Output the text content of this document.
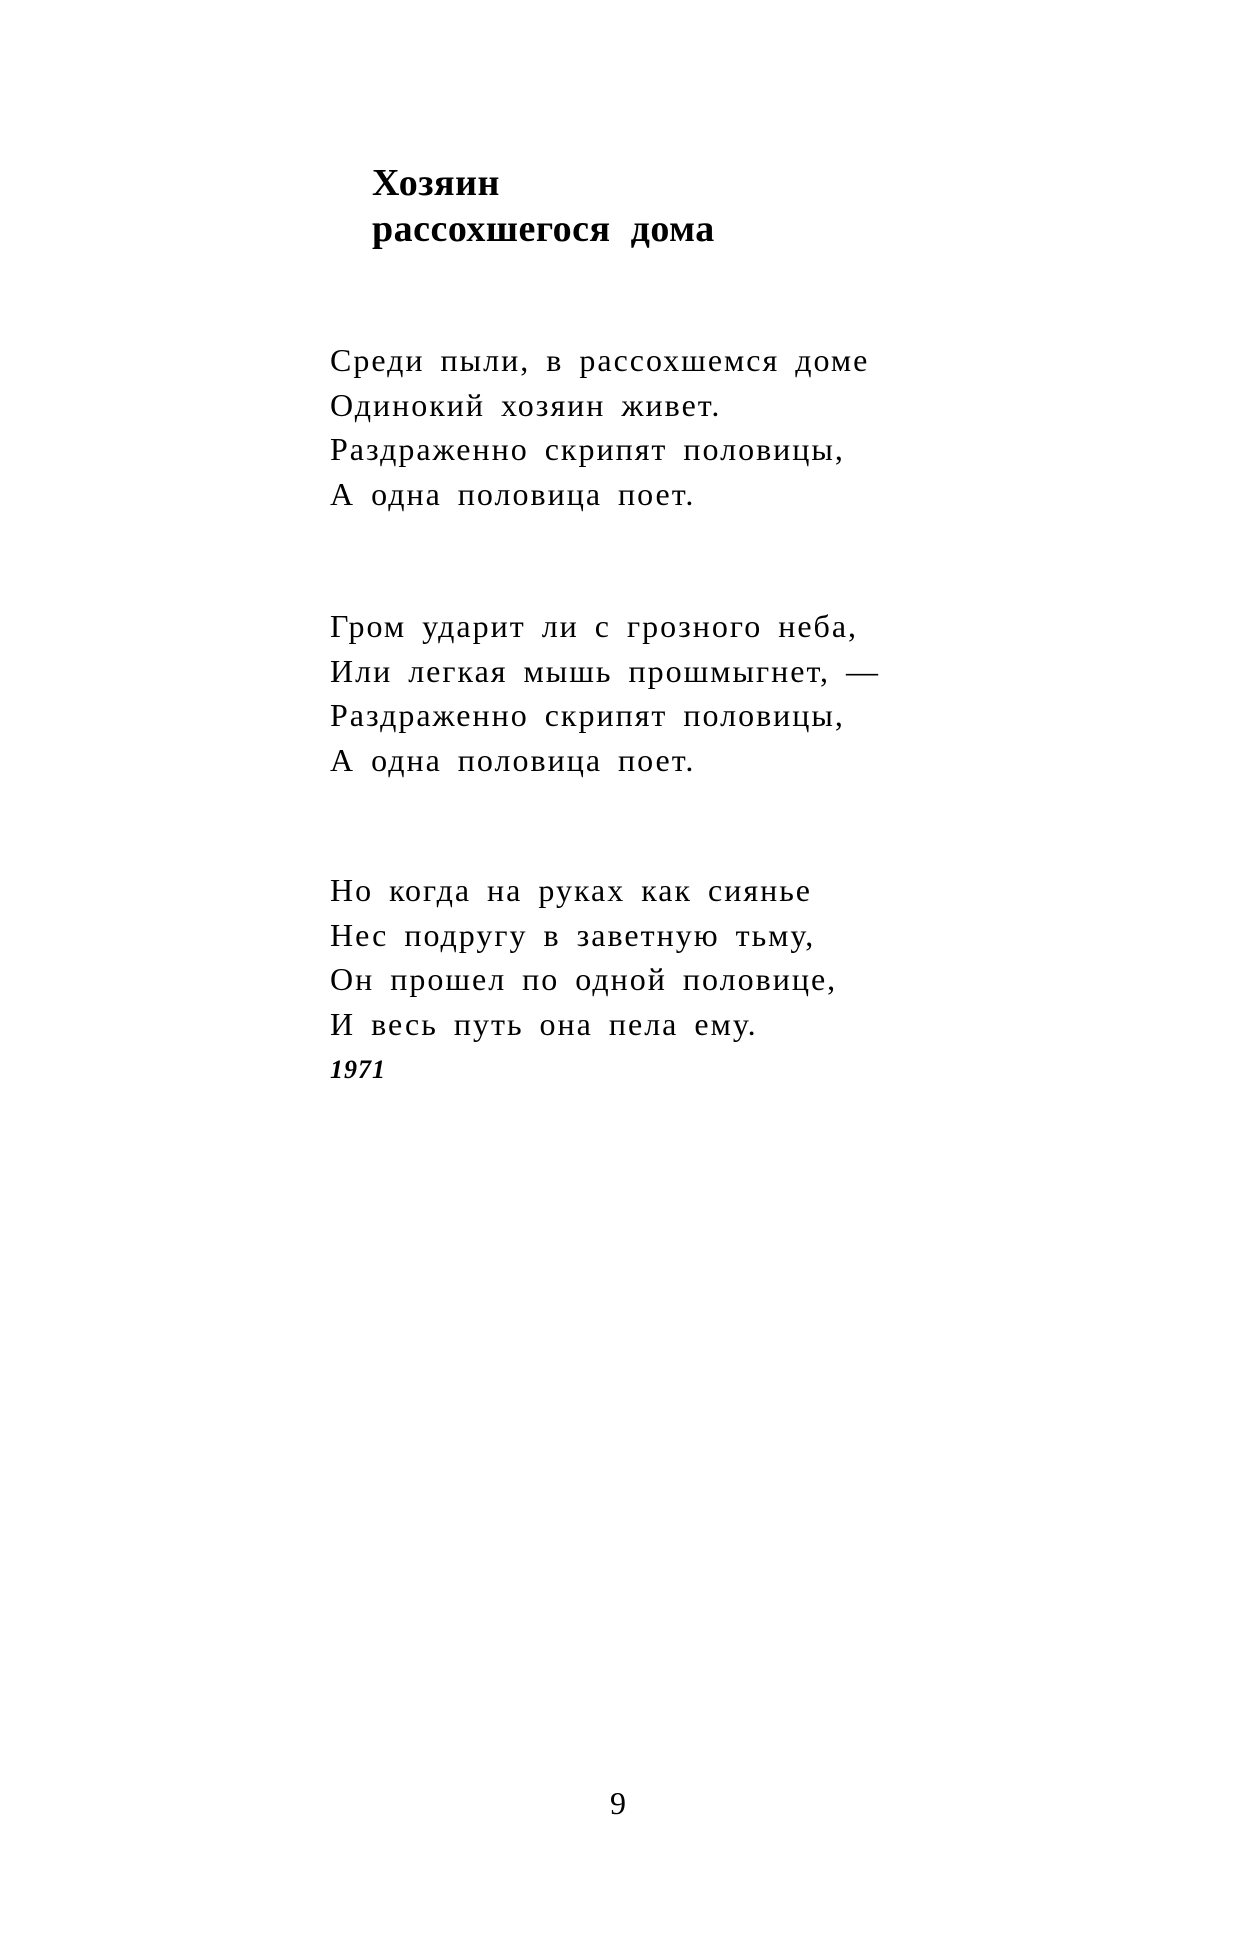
Хозяин
рассохшегося  дома
Среди пыли, в рассохшемся доме
Одинокий хозяин живет.
Раздраженно скрипят половицы,
А одна половица поет.
Гром ударит ли с грозного неба,
Или легкая мышь прошмыгнет, —
Раздраженно скрипят половицы,
А одна половица поет.
Но когда на руках как сиянье
Нес подругу в заветную тьму,
Он прошел по одной половице,
И весь путь она пела ему.
1971
9
